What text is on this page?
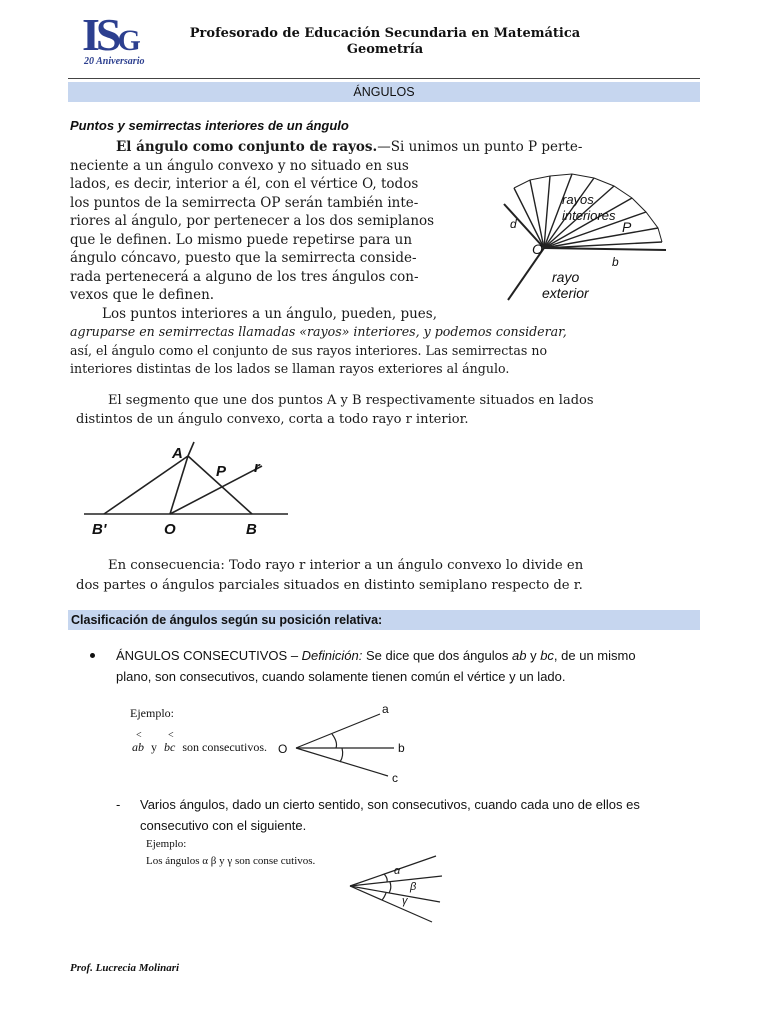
ISG
20 Aniversario
Profesorado de Educación Secundaria en Matemática
Geometría
ÁNGULOS
Puntos y semirrectas interiores de un ángulo

El ángulo como conjunto de rayos.—Si unimos un punto P perte-

neciente a un ángulo convexo y no situado en sus

lados, es decir, interior a él, con el vértice O, todos

los puntos de la semirrecta OP serán también inte-

riores al ángulo, por pertenecer a los dos semiplanos

que le definen. Lo mismo puede repetirse para un

ángulo cóncavo, puesto que la semirrecta conside-

rada pertenecerá a alguno de los tres ángulos con-

vexos que le definen.

Los puntos interiores a un ángulo, pueden, pues,

agruparse en semirrectas llamadas «rayos» interiores, y podemos considerar,

así, el ángulo como el conjunto de sus rayos interiores. Las semirrectas no

interiores distintas de los lados se llaman rayos exteriores al ángulo.

rayos
interiores
d	P
O
b
rayo
exterior

El segmento que une dos puntos A y B respectivamente situados en lados

distintos de un ángulo convexo, corta a todo rayo r interior.

A
P r
B'	O	B

En consecuencia: Todo rayo r interior a un ángulo convexo lo divide en

dos partes o ángulos parciales situados en distinto semiplano respecto de r.

Clasificación de ángulos según su posición relativa:
ÁNGULOS CONSECUTIVOS – Definición: Se dice que dos ángulos ab y bc, de un mismo
plano, son consecutivos, cuando solamente tienen común el vértice y un lado.
Ejemplo:
<
ab y
<
bc son consecutivos. O
a
b
c
- Varios ángulos, dado un cierto sentido, son consecutivos, cuando cada uno de ellos es
consecutivo con el siguiente.
Ejemplo:
Los ángulos α β y γ son conse cutivos.
α
β
γ
Prof. Lucrecia Molinari
